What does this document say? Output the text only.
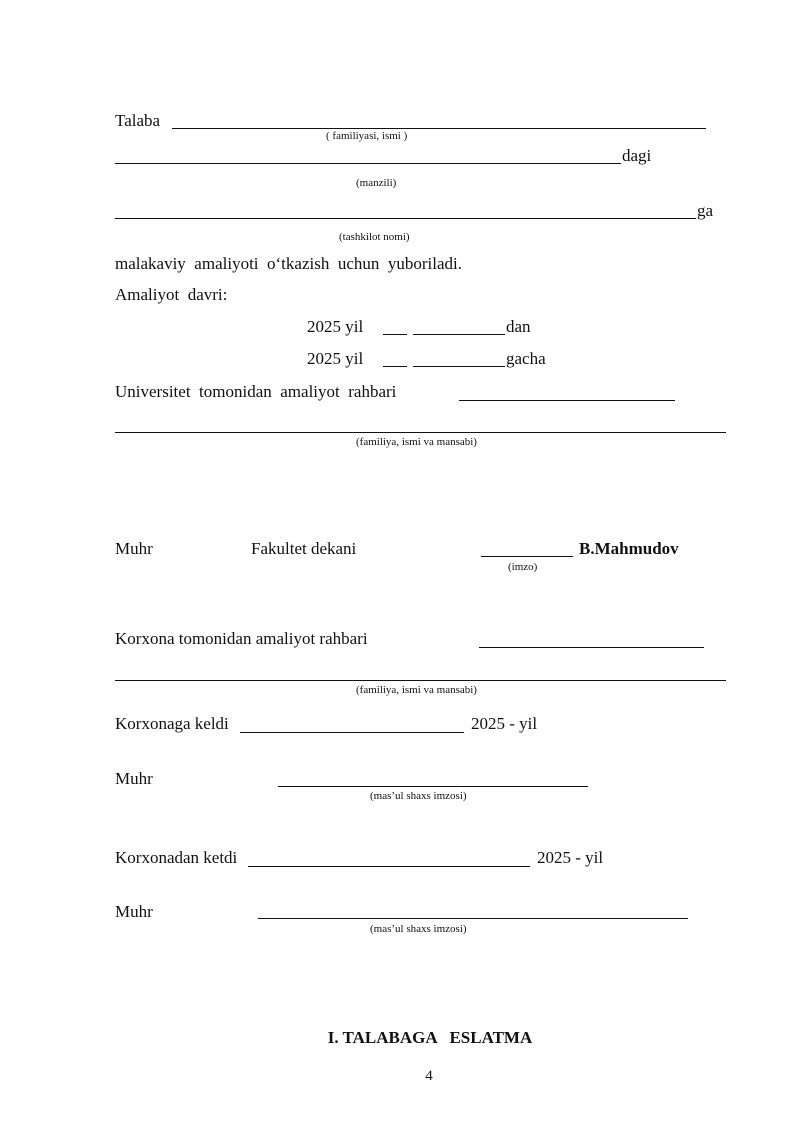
Talaba
( familiyasi, ismi )
dagi
(manzili)
ga
(tashkilot nomi)
malakaviy  amaliyoti  o‘tkazish  uchun  yuboriladi.
Amaliyot  davri:
2025 yil	dan
2025 yil	gacha
Universitet  tomonidan  amaliyot  rahbari
(familiya, ismi va mansabi)
Muhr	Fakultet dekani	B.Mahmudov
(imzo)
Korxona tomonidan amaliyot rahbari
(familiya, ismi va mansabi)
Korxonaga keldi	2025 - yil
Muhr
(mas’ul shaxs imzosi)
Korxonadan ketdi	2025 - yil
Muhr
(mas’ul shaxs imzosi)
I. TALABAGA   ESLATMA
4
